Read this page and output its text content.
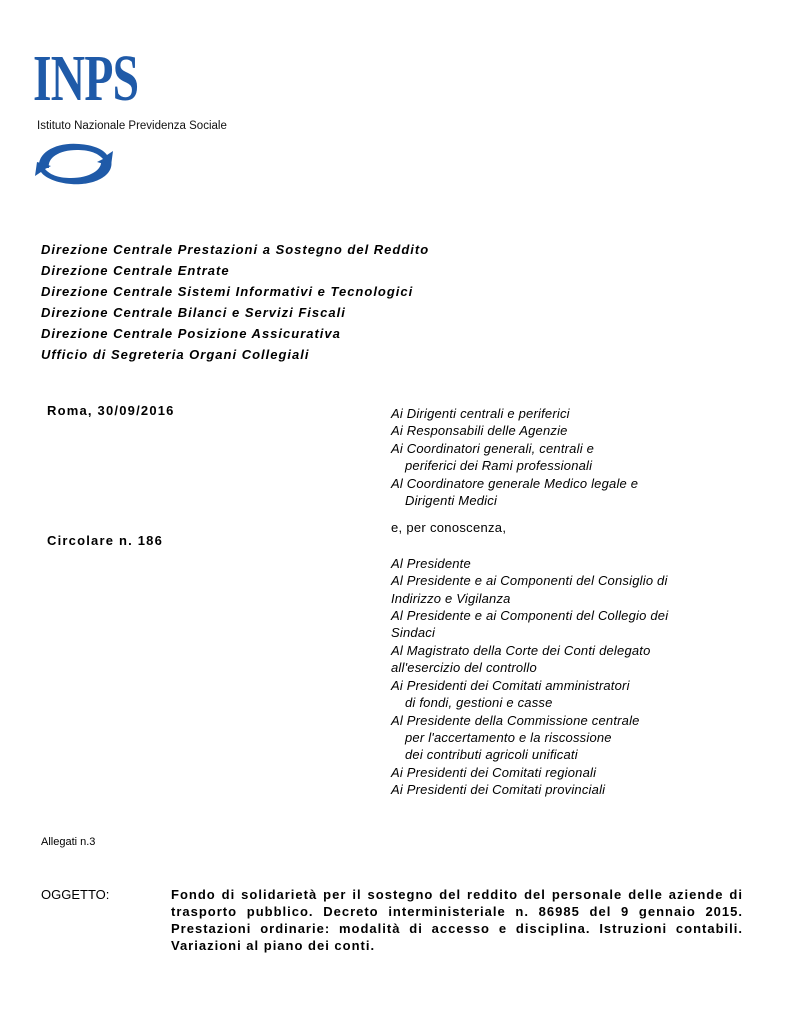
INPS
Istituto Nazionale Previdenza Sociale
Direzione Centrale Prestazioni a Sostegno del Reddito
Direzione Centrale Entrate
Direzione Centrale Sistemi Informativi e Tecnologici
Direzione Centrale Bilanci e Servizi Fiscali
Direzione Centrale Posizione Assicurativa
Ufficio di Segreteria Organi Collegiali
Roma, 30/09/2016
Circolare n. 186
Ai Dirigenti centrali e periferici
Ai Responsabili delle Agenzie
Ai Coordinatori generali, centrali e
periferici dei Rami professionali
Al Coordinatore generale Medico legale e
Dirigenti Medici
e, per conoscenza,
Al Presidente
Al Presidente e ai Componenti del Consiglio di
Indirizzo e Vigilanza
Al Presidente e ai Componenti del Collegio dei
Sindaci
Al Magistrato della Corte dei Conti delegato
all'esercizio del controllo
Ai Presidenti dei Comitati amministratori
di fondi, gestioni e casse
Al Presidente della Commissione centrale
per l'accertamento e la riscossione
dei contributi agricoli unificati
Ai Presidenti dei Comitati regionali
Ai Presidenti dei Comitati provinciali
Allegati n.3
OGGETTO:	Fondo di solidarietà per il sostegno del reddito del personale delle aziende di trasporto pubblico. Decreto interministeriale n. 86985 del 9 gennaio 2015. Prestazioni ordinarie: modalità di accesso e disciplina. Istruzioni contabili. Variazioni al piano dei conti.
